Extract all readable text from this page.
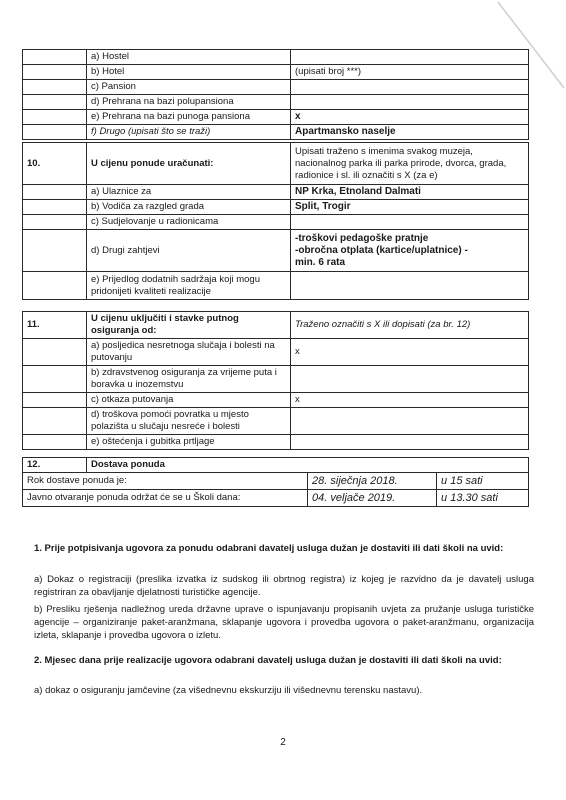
	a) Hostel	
	b) Hotel	(upisati broj ***)
	c) Pansion	
	d) Prehrana na bazi polupansiona	
	e) Prehrana na bazi punoga pansiona	x
	f) Drugo (upisati što se traži)	Apartmansko naselje
10.	U cijenu ponude uračunati:	Upisati traženo s imenima svakog muzeja, nacionalnog parka ili parka prirode, dvorca, grada, radionice i sl. ili označiti s X (za e)
	a) Ulaznice za	NP Krka, Etnoland Dalmati
	b) Vodiča za razgled grada	Split, Trogir
	c) Sudjelovanje u radionicama	
	d) Drugi zahtjevi	-troškovi pedagoške pratnje
-obročna otplata (kartice/uplatnice) -
min. 6 rata

	e) Prijedlog dodatnih sadržaja koji mogu pridonijeti kvaliteti realizacije	
11.	U cijenu uključiti i stavke putnog osiguranja od:	Traženo označiti s X ili dopisati (za br. 12)
	a) posljedica nesretnoga slučaja i bolesti na putovanju	x
	b) zdravstvenog osiguranja za vrijeme puta i boravka u inozemstvu	
	c) otkaza putovanja	x
	d) troškova pomoći povratka u mjesto polazišta u slučaju nesreće i bolesti	
	e) oštećenja i gubitka prtljage	
12.	Dostava ponuda		
Rok dostave ponuda je:		28. siječnja 2018.	u 15 sati
Javno otvaranje ponuda održat će se u Školi dana:		04. veljače 2019.	u 13.30 sati
1. Prije potpisivanja ugovora za ponudu odabrani davatelj usluga dužan je dostaviti ili dati školi na uvid:
a) Dokaz o registraciji (preslika izvatka iz sudskog ili obrtnog registra) iz kojeg je razvidno da je davatelj usluga registriran za obavljanje djelatnosti turističke agencije.
b) Presliku rješenja nadležnog ureda državne uprave o ispunjavanju propisanih uvjeta za pružanje usluga turističke agencije – organiziranje paket-aranžmana, sklapanje ugovora i provedba ugovora o paket-aranžmanu, organizacija izleta, sklapanje i provedba ugovora o izletu.
2. Mjesec dana prije realizacije ugovora odabrani davatelj usluga dužan je dostaviti ili dati školi na uvid:
a) dokaz o osiguranju jamčevine (za višednevnu ekskurziju ili višednevnu terensku nastavu).
2
